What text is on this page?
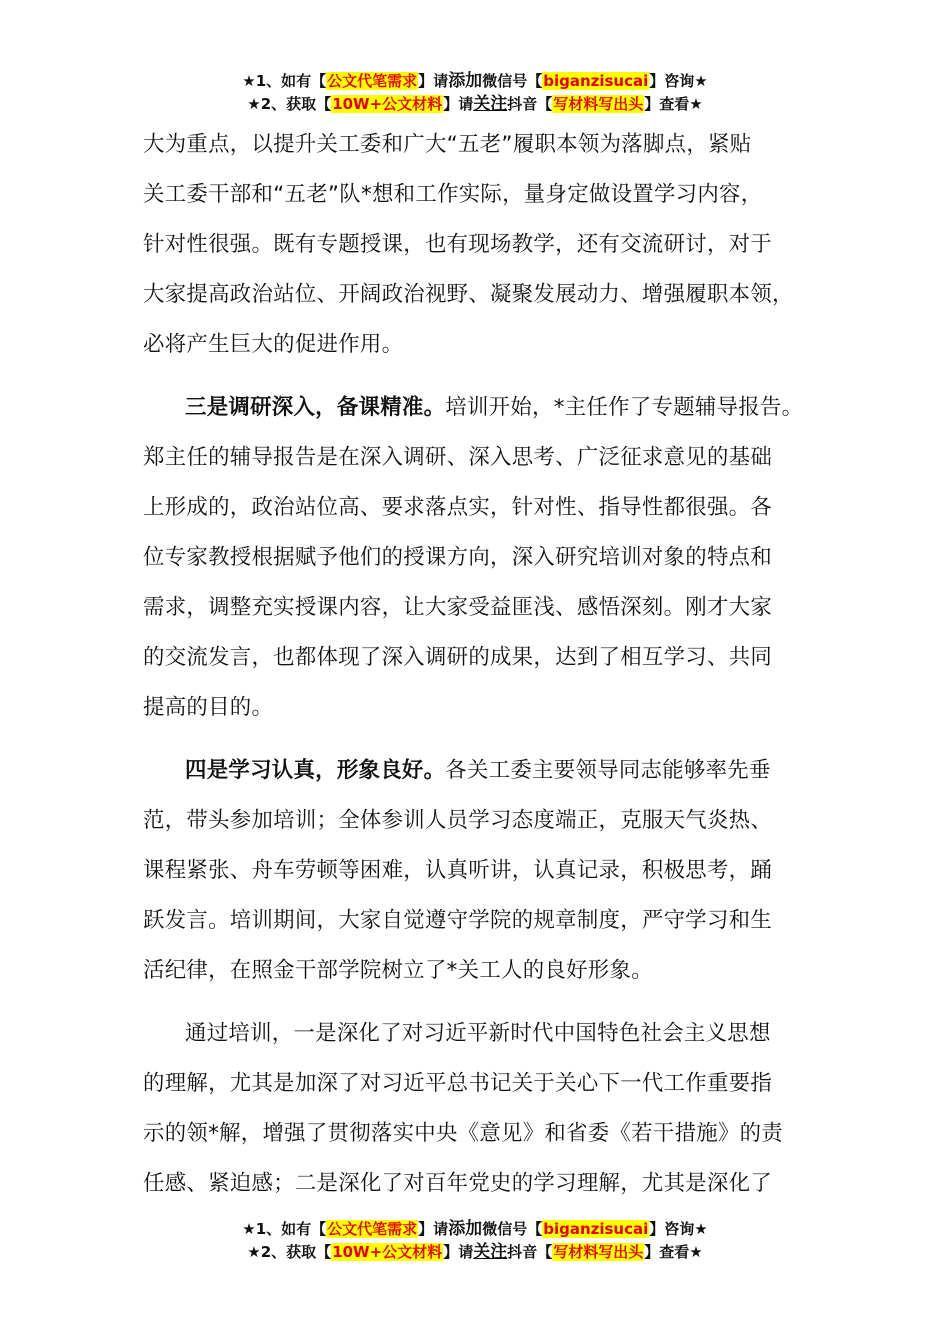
★1、如有【公文代笔需求】请添加微信号【biganzisucai】咨询★
★2、获取【10W+公文材料】请关注抖音【写材料写出头】查看★
大为重点，以提升关工委和广大“五老”履职本领为落脚点，紧贴
关工委干部和“五老”队*想和工作实际，量身定做设置学习内容，
针对性很强。既有专题授课，也有现场教学，还有交流研讨，对于
大家提高政治站位、开阔政治视野、凝聚发展动力、增强履职本领，
必将产生巨大的促进作用。
三是调研深入，备课精准。培训开始，*主任作了专题辅导报告。
郑主任的辅导报告是在深入调研、深入思考、广泛征求意见的基础
上形成的，政治站位高、要求落点实，针对性、指导性都很强。各
位专家教授根据赋予他们的授课方向，深入研究培训对象的特点和
需求，调整充实授课内容，让大家受益匪浅、感悟深刻。刚才大家
的交流发言，也都体现了深入调研的成果，达到了相互学习、共同
提高的目的。
四是学习认真，形象良好。各关工委主要领导同志能够率先垂
范，带头参加培训；全体参训人员学习态度端正，克服天气炎热、
课程紧张、舟车劳顿等困难，认真听讲，认真记录，积极思考，踊
跃发言。培训期间，大家自觉遵守学院的规章制度，严守学习和生
活纪律，在照金干部学院树立了*关工人的良好形象。
通过培训，一是深化了对习近平新时代中国特色社会主义思想
的理解，尤其是加深了对习近平总书记关于关心下一代工作重要指
示的领*解，增强了贯彻落实中央《意见》和省委《若干措施》的责
任感、紧迫感；二是深化了对百年党史的学习理解，尤其是深化了
★1、如有【公文代笔需求】请添加微信号【biganzisucai】咨询★
★2、获取【10W+公文材料】请关注抖音【写材料写出头】查看★
